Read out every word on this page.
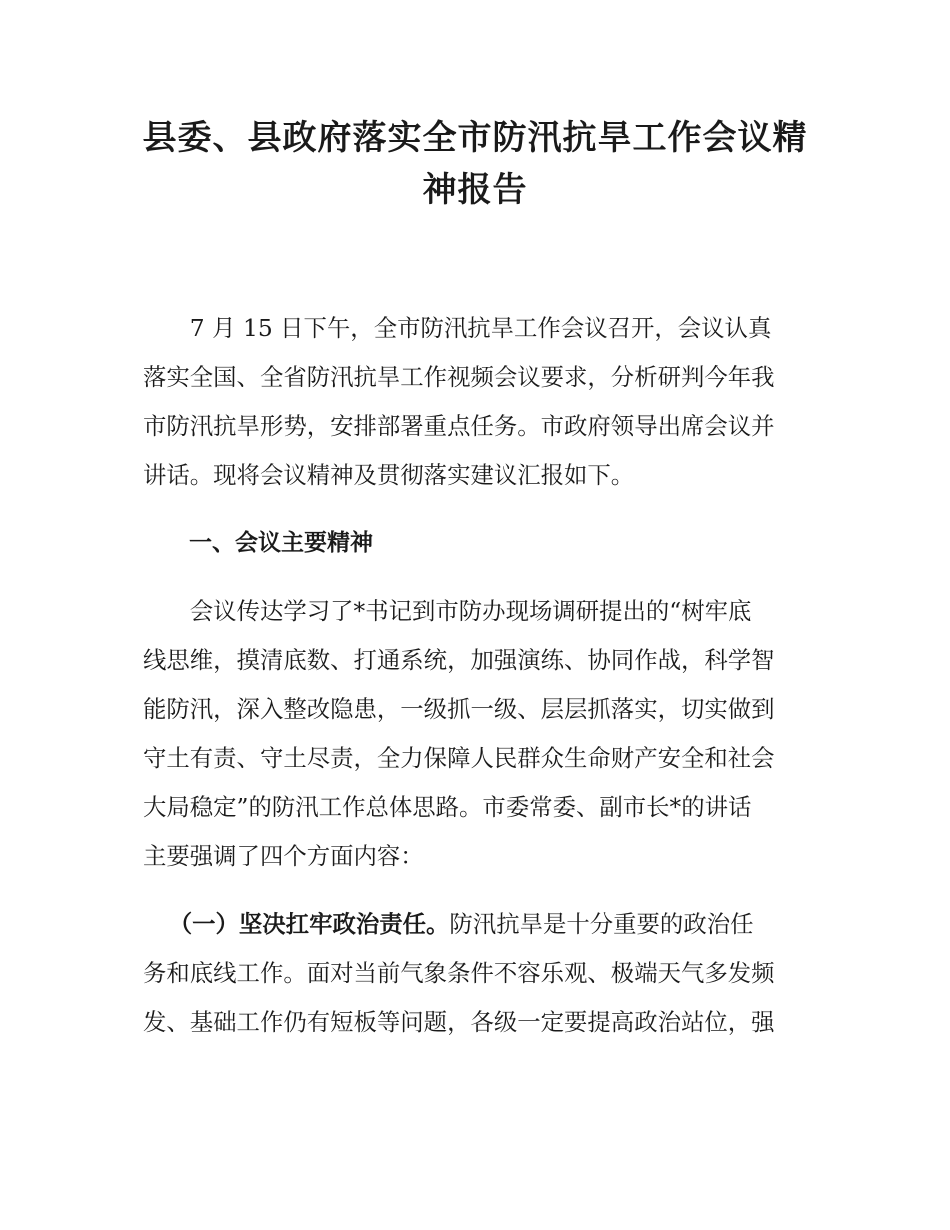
县委、县政府落实全市防汛抗旱工作会议精
神报告

7 月 15 日下午，全市防汛抗旱工作会议召开，会议认真
落实全国、全省防汛抗旱工作视频会议要求，分析研判今年我
市防汛抗旱形势，安排部署重点任务。市政府领导出席会议并
讲话。现将会议精神及贯彻落实建议汇报如下。

一、会议主要精神

会议传达学习了*书记到市防办现场调研提出的“树牢底
线思维，摸清底数、打通系统，加强演练、协同作战，科学智
能防汛，深入整改隐患，一级抓一级、层层抓落实，切实做到
守土有责、守土尽责，全力保障人民群众生命财产安全和社会
大局稳定”的防汛工作总体思路。市委常委、副市长*的讲话
主要强调了四个方面内容：

（一）坚决扛牢政治责任。防汛抗旱是十分重要的政治任
务和底线工作。面对当前气象条件不容乐观、极端天气多发频
发、基础工作仍有短板等问题，各级一定要提高政治站位，强
